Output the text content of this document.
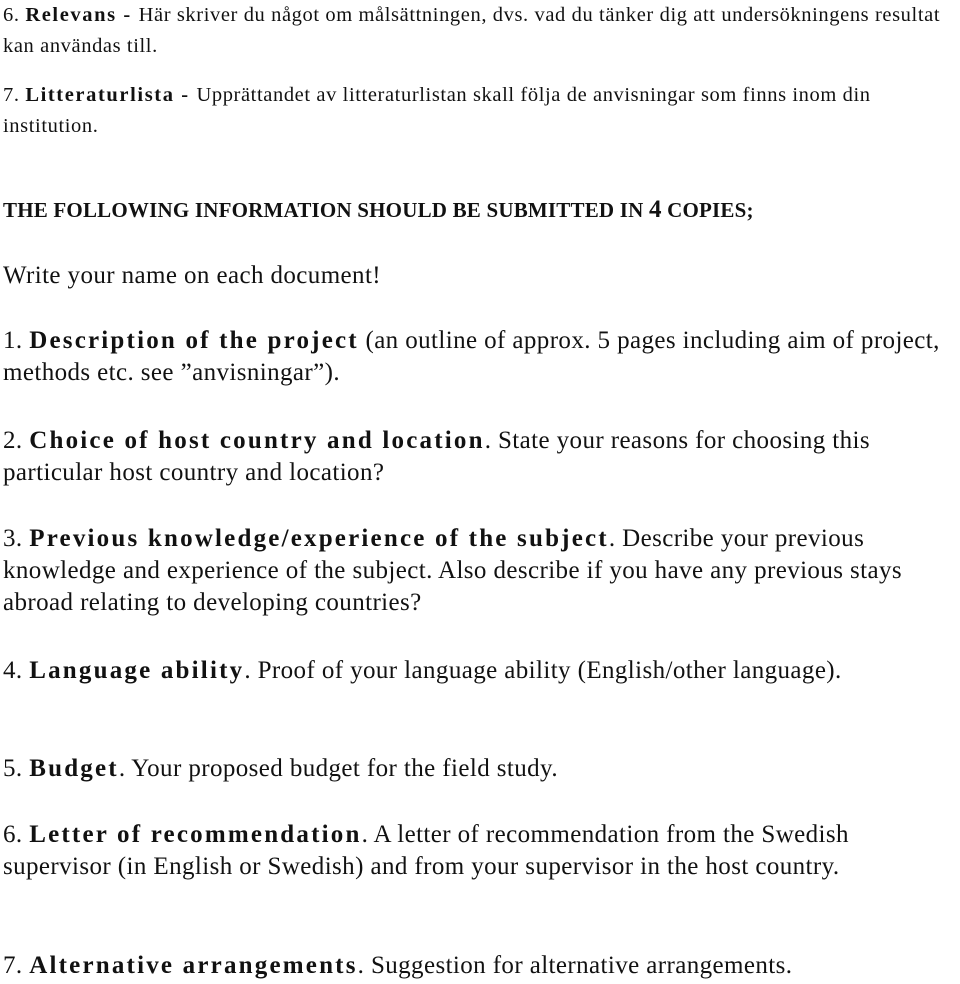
6. Relevans - Här skriver du något om målsättningen, dvs. vad du tänker dig att undersökningens resultat kan användas till.

7. Litteraturlista - Upprättandet av litteraturlistan skall följa de anvisningar som finns inom din institution.

THE FOLLOWING INFORMATION SHOULD BE SUBMITTED IN 4 COPIES;

Write your name on each document!

1. Description of the project (an outline of approx. 5 pages including aim of project, methods etc. see ”anvisningar”).

2. Choice of host country and location. State your reasons for choosing this particular host country and location?

3. Previous knowledge/experience of the subject. Describe your previous knowledge and experience of the subject. Also describe if you have any previous stays abroad relating to developing countries?

4. Language ability. Proof of your language ability (English/other language).

5. Budget. Your proposed budget for the field study.

6. Letter of recommendation. A letter of recommendation from the Swedish supervisor (in English or Swedish) and from your supervisor in the host country.

7. Alternative arrangements. Suggestion for alternative arrangements.
